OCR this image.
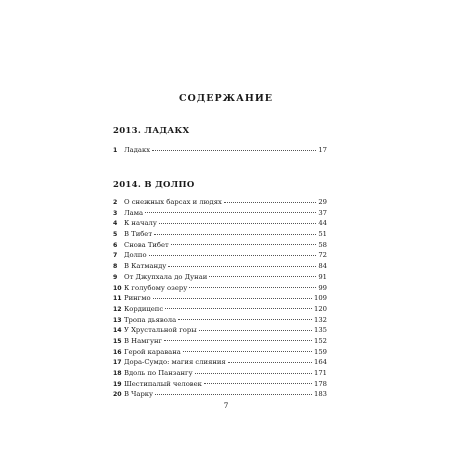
СОДЕРЖАНИЕ
2013. ЛАДАКХ
1 Ладакх	17
2014. В ДОЛПО
2 О снежных барсах и людях	29
3 Лама	37
4 К началу	44
5 В Тибет	51
6 Снова Тибет	58
7 Долпо	72
8 В Катманду	84
9 От Джупхала до Дунаи	91
10 К голубому озеру	99
11 Рингмо	109
12 Кордицепс	120
13 Тропа дьявола	132
14 У Хрустальной горы	135
15 В Намгунг	152
16 Герой каравана	159
17 Дора-Сумдо: магия слияния	164
18 Вдоль по Панзангу	171
19 Шестипалый человек	178
20 В Чарку	183
7
